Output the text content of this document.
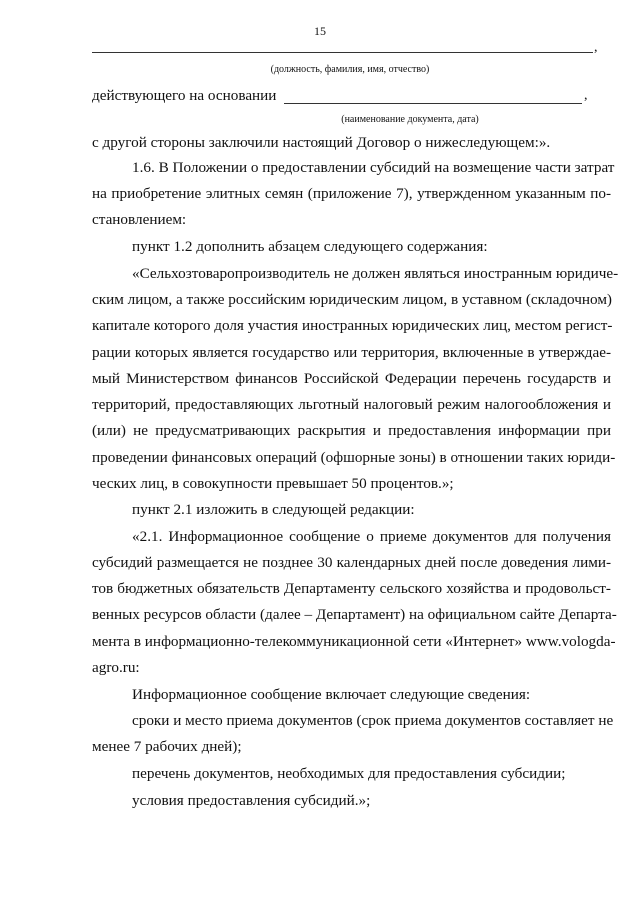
15
,
(должность, фамилия, имя, отчество)
действующего на основании	,
(наименование документа, дата)
с другой стороны заключили настоящий Договор о нижеследующем:».
1.6. В Положении о предоставлении субсидий на возмещение части затрат
на приобретение элитных семян (приложение 7), утвержденном указанным по-
становлением:
пункт 1.2 дополнить абзацем следующего содержания:
«Сельхозтоваропроизводитель не должен являться иностранным юридиче-
ским лицом, а также российским юридическим лицом, в уставном (складочном)
капитале которого доля участия иностранных юридических лиц, местом регист-
рации которых является государство или территория, включенные в утверждае-
мый Министерством финансов Российской Федерации перечень государств и
территорий, предоставляющих льготный налоговый режим налогообложения и
(или) не предусматривающих раскрытия и предоставления информации при
проведении финансовых операций (офшорные зоны) в отношении таких юриди-
ческих лиц, в совокупности превышает 50 процентов.»;
пункт 2.1 изложить в следующей редакции:
«2.1. Информационное сообщение о приеме документов для получения
субсидий размещается не позднее 30 календарных дней после доведения лими-
тов бюджетных обязательств Департаменту сельского хозяйства и продовольст-
венных ресурсов области (далее – Департамент) на официальном сайте Департа-
мента в информационно-телекоммуникационной сети «Интернет» www.vologda-
agro.ru:
Информационное сообщение включает следующие сведения:
сроки и место приема документов (срок приема документов составляет не
менее 7 рабочих дней);
перечень документов, необходимых для предоставления субсидии;
условия предоставления субсидий.»;
